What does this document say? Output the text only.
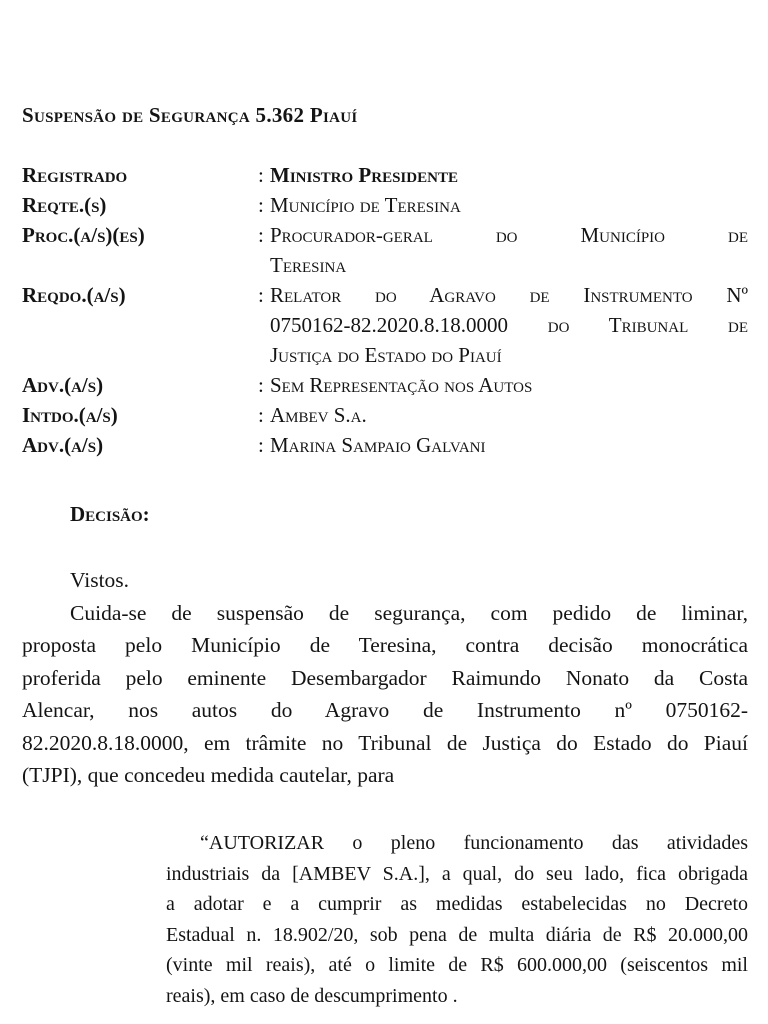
Suspensão de Segurança 5.362 Piauí
Registrado	: Ministro Presidente
Reqte.(s)	: Município de Teresina
Proc.(a/s)(es)	: Procurador-geral do Município de
Teresina
Reqdo.(a/s)	: Relator do Agravo de Instrumento Nº
0750162-82.2020.8.18.0000 do Tribunal de
Justiça do Estado do Piauí
Adv.(a/s)	: Sem Representação nos Autos
Intdo.(a/s)	: Ambev S.a.
Adv.(a/s)	: Marina Sampaio Galvani
Decisão:
Vistos.
Cuida-se de suspensão de segurança, com pedido de liminar,
proposta pelo Município de Teresina, contra decisão monocrática
proferida pelo eminente Desembargador Raimundo Nonato da Costa
Alencar, nos autos do Agravo de Instrumento nº 0750162-
82.2020.8.18.0000, em trâmite no Tribunal de Justiça do Estado do Piauí
(TJPI), que concedeu medida cautelar, para
“AUTORIZAR o pleno funcionamento das atividades
industriais da [AMBEV S.A.], a qual, do seu lado, fica obrigada
a adotar e a cumprir as medidas estabelecidas no Decreto
Estadual n. 18.902/20, sob pena de multa diária de R$ 20.000,00
(vinte mil reais), até o limite de R$ 600.000,00 (seiscentos mil
reais), em caso de descumprimento .
